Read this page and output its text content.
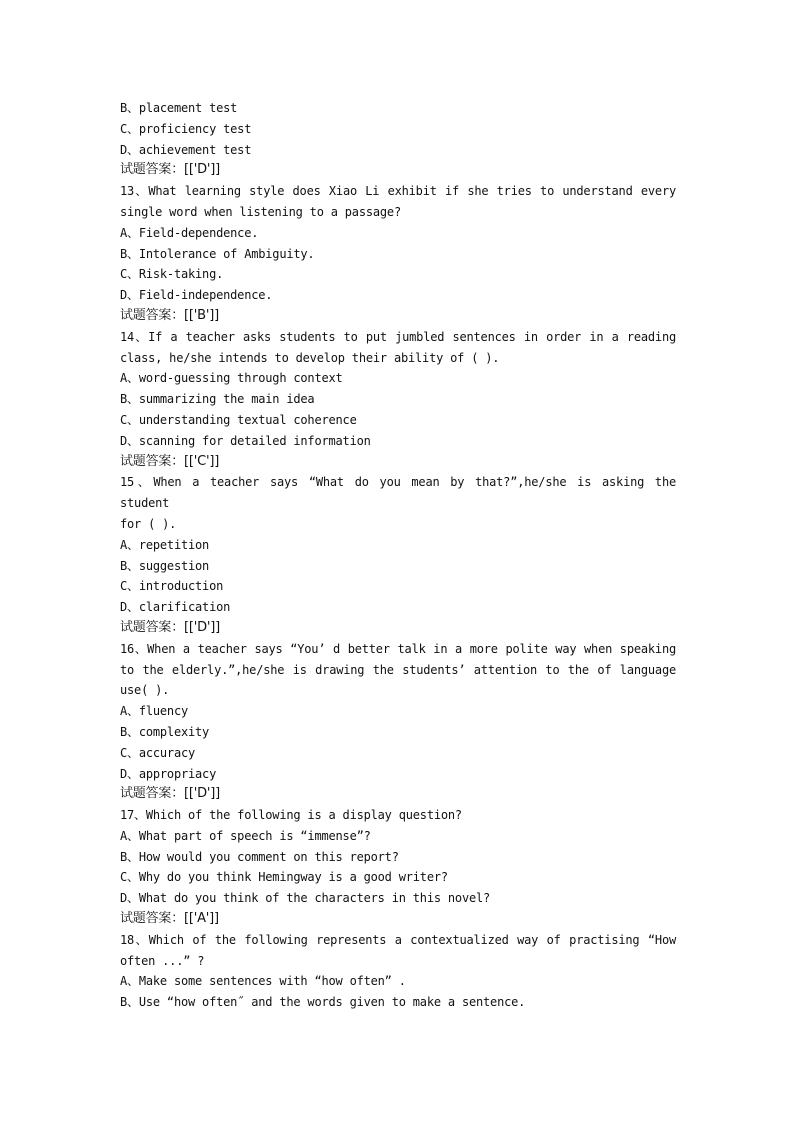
B、placement test
C、proficiency test
D、achievement test
试题答案：[['D']]
13、What learning style does Xiao Li exhibit if she tries to understand every
single word when listening to a passage?
A、Field-dependence.
B、Intolerance of Ambiguity.
C、Risk-taking.
D、Field-independence.
试题答案：[['B']]
14、If a teacher asks students to put jumbled sentences in order in a reading
class, he/she intends to develop their ability of ( ).
A、word-guessing through context
B、summarizing the main idea
C、understanding textual coherence
D、scanning for detailed information
试题答案：[['C']]
15、When a teacher says “What do you mean by that?”,he/she is asking the
student
for ( ).
A、repetition
B、suggestion
C、introduction
D、clarification
试题答案：[['D']]
16、When a teacher says “You’ d better talk in a more polite way when speaking
to the elderly.”,he/she is drawing the students’ attention to the of language
use( ).
A、fluency
B、complexity
C、accuracy
D、appropriacy
试题答案：[['D']]
17、Which of the following is a display question?
A、What part of speech is “immense”?
B、How would you comment on this report?
C、Why do you think Hemingway is a good writer?
D、What do you think of the characters in this novel?
试题答案：[['A']]
18、Which of the following represents a contextualized way of practising “How
often ...” ?
A、Make some sentences with “how often” .
B、Use “how often˝ and the words given to make a sentence.
